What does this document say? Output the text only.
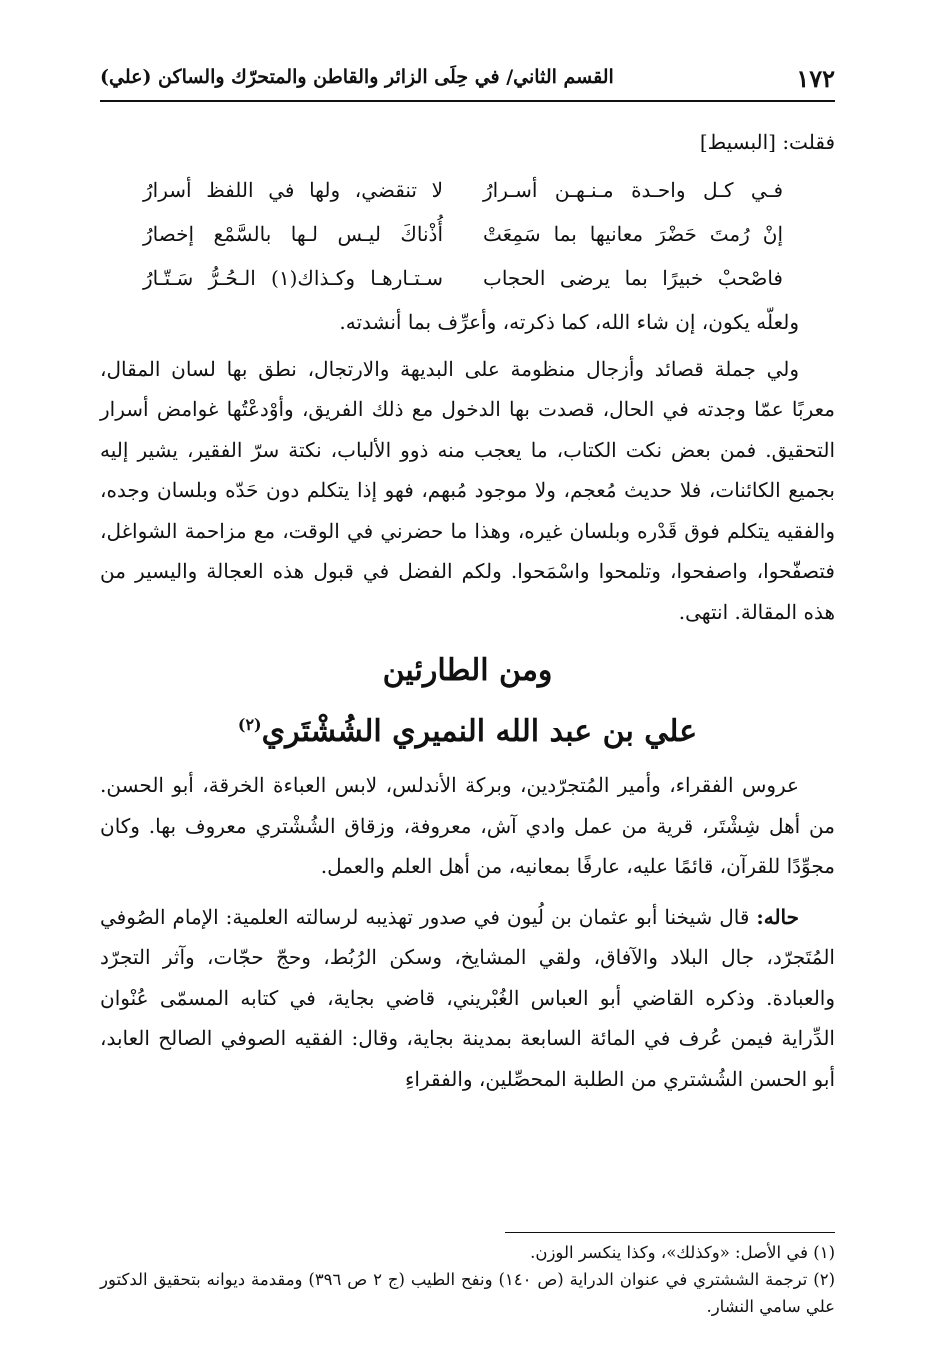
١٧٢
القسم الثاني/ في حِلَى الزائر والقاطن والمتحرّك والساكن (علي)

فقلت: [البسيط]

فـي كـل واحـدة مـنـهـن أسـرارُ
لا تنقضي، ولها في اللفظ أسرارُ
إنْ رُمتَ حَضْرَ معانيها بما سَمِعَتْ
أُذْناكَ ليـس لـها بالسَّمْع إخصارُ
فاصْحبْ خبيرًا بما يرضى الحجاب
سـتـارهـا وكـذاك(١) الـحُـرُّ سَـتّـارُ

ولعلّه يكون، إن شاء الله، كما ذكرته، وأعرِّف بما أنشدته.

ولي جملة قصائد وأزجال منظومة على البديهة والارتجال، نطق بها لسان المقال، معربًا عمّا وجدته في الحال، قصدت بها الدخول مع ذلك الفريق، وأوْدعْتُها غوامض أسرار التحقيق. فمن بعض نكت الكتاب، ما يعجب منه ذوو الألباب، نكتة سرّ الفقير، يشير إليه بجميع الكائنات، فلا حديث مُعجم، ولا موجود مُبهم، فهو إذا يتكلم دون حَدّه وبلسان وجده، والفقيه يتكلم فوق قَدْره وبلسان غيره، وهذا ما حضرني في الوقت، مع مزاحمة الشواغل، فتصفّحوا، واصفحوا، وتلمحوا واسْمَحوا. ولكم الفضل في قبول هذه العجالة واليسير من هذه المقالة. انتهى.

ومن الطارئين
علي بن عبد الله النميري الشُشْتَري$^{(٢)}$

عروس الفقراء، وأمير المُتجرّدين، وبركة الأندلس، لابس العباءة الخرقة، أبو الحسن. من أهل شِشْتَر، قرية من عمل وادي آش، معروفة، وزقاق الشُشْتري معروف بها. وكان مجوِّدًا للقرآن، قائمًا عليه، عارفًا بمعانيه، من أهل العلم والعمل.

حاله: قال شيخنا أبو عثمان بن لُيون في صدور تهذيبه لرسالته العلمية: الإمام الصُوفي المُتَجرّد، جال البلاد والآفاق، ولقي المشايخ، وسكن الرُبُط، وحجّ حجّات، وآثر التجرّد والعبادة. وذكره القاضي أبو العباس الغُبْريني، قاضي بجاية، في كتابه المسمّى عُنْوان الدِّراية فيمن عُرف في المائة السابعة بمدينة بجاية، وقال: الفقيه الصوفي الصالح العابد، أبو الحسن الشُشتري من الطلبة المحصِّلين، والفقراءِ

(١) في الأصل: «وكذلك»، وكذا ينكسر الوزن.

(٢) ترجمة الششتري في عنوان الدراية (ص ١٤٠) ونفح الطيب (ج ٢ ص ٣٩٦) ومقدمة ديوانه بتحقيق الدكتور علي سامي النشار.
